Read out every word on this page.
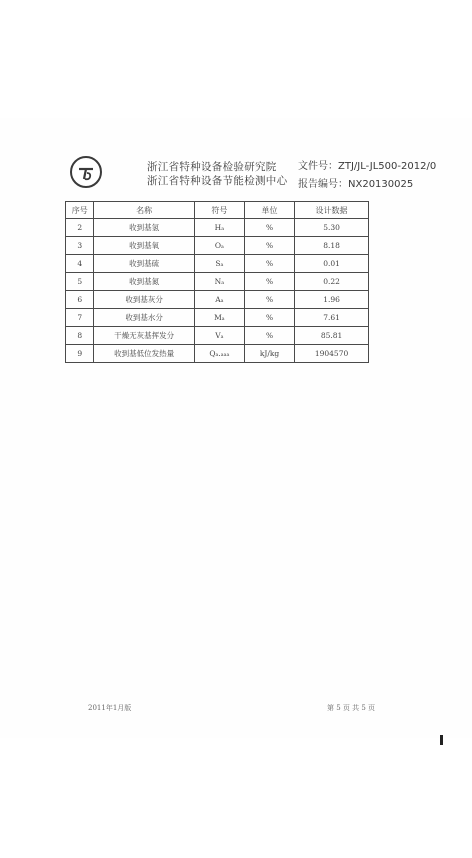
浙江省特种设备检验研究院
浙江省特种设备节能检测中心
文件号：ZTJ/JL-JL500-2012/0
报告编号：NX20130025
序号	名称	符号	单位	设计数据
2	收到基氢	Hₐ	%	5.30
3	收到基氧	Oₐ	%	8.18
4	收到基硫	Sₐ	%	0.01
5	收到基氮	Nₐ	%	0.22
6	收到基灰分	Aₐ	%	1.96
7	收到基水分	Mₐ	%	7.61
8	干燥无灰基挥发分	Vₐ	%	85.81
9	收到基低位发热量	Qₐ.ₐₐₐ	kJ/kg	1904570
2011年1月版	第 5 页 共 5 页
